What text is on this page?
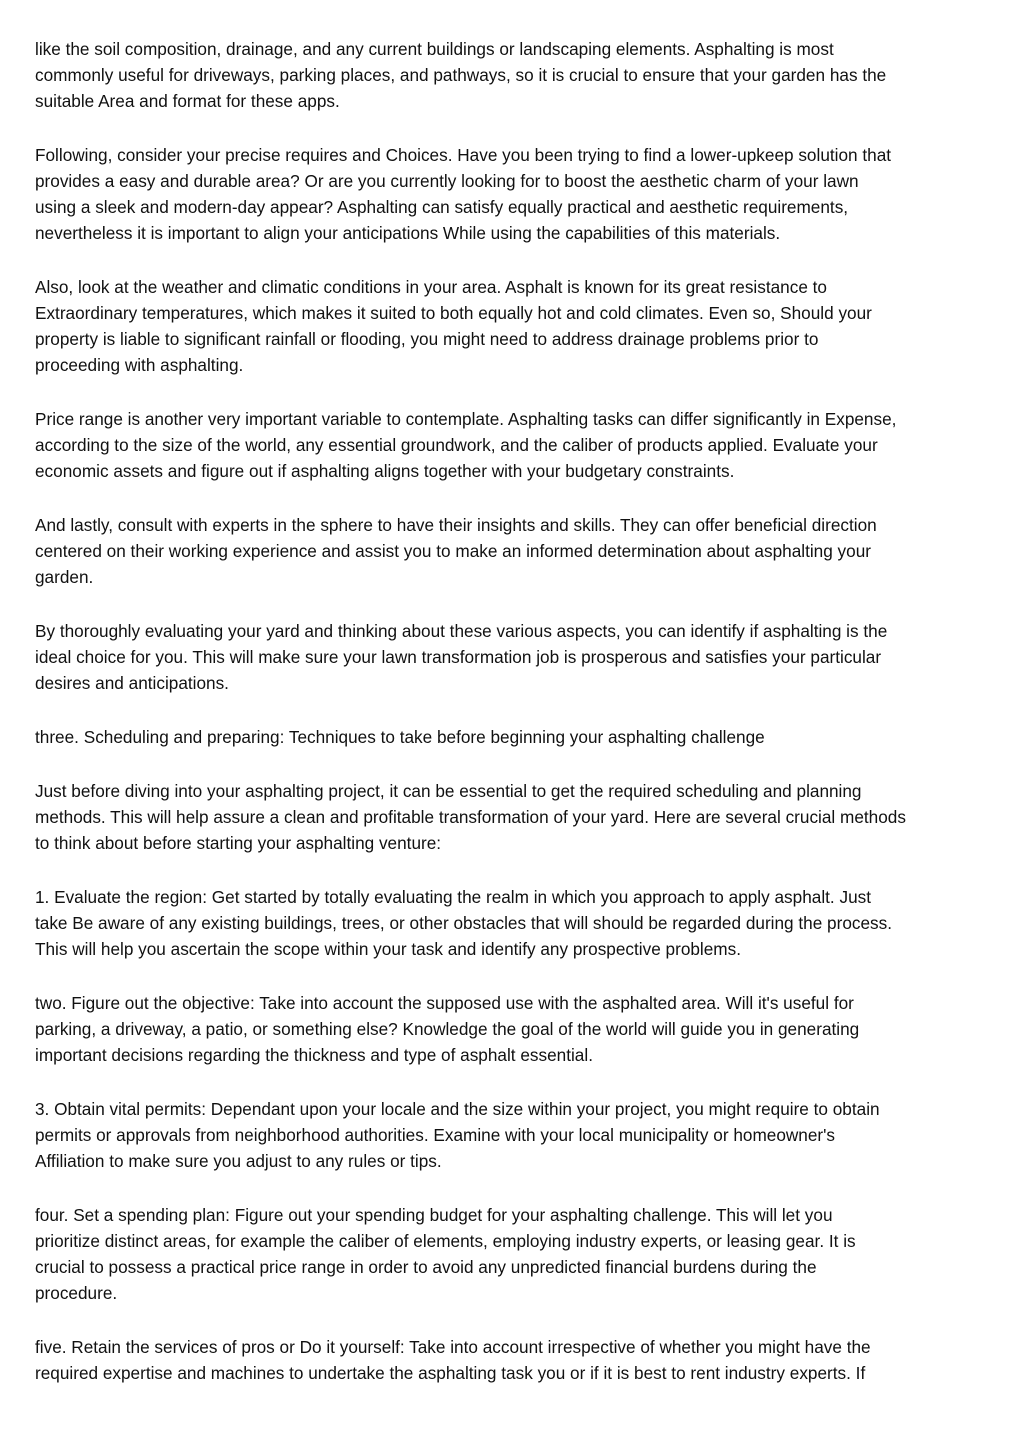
like the soil composition, drainage, and any current buildings or landscaping elements. Asphalting is most
commonly useful for driveways, parking places, and pathways, so it is crucial to ensure that your garden has the
suitable Area and format for these apps.

Following, consider your precise requires and Choices. Have you been trying to find a lower-upkeep solution that
provides a easy and durable area? Or are you currently looking for to boost the aesthetic charm of your lawn
using a sleek and modern-day appear? Asphalting can satisfy equally practical and aesthetic requirements,
nevertheless it is important to align your anticipations While using the capabilities of this materials.

Also, look at the weather and climatic conditions in your area. Asphalt is known for its great resistance to
Extraordinary temperatures, which makes it suited to both equally hot and cold climates. Even so, Should your
property is liable to significant rainfall or flooding, you might need to address drainage problems prior to
proceeding with asphalting.

Price range is another very important variable to contemplate. Asphalting tasks can differ significantly in Expense,
according to the size of the world, any essential groundwork, and the caliber of products applied. Evaluate your
economic assets and figure out if asphalting aligns together with your budgetary constraints.

And lastly, consult with experts in the sphere to have their insights and skills. They can offer beneficial direction
centered on their working experience and assist you to make an informed determination about asphalting your
garden.

By thoroughly evaluating your yard and thinking about these various aspects, you can identify if asphalting is the
ideal choice for you. This will make sure your lawn transformation job is prosperous and satisfies your particular
desires and anticipations.

three. Scheduling and preparing: Techniques to take before beginning your asphalting challenge

Just before diving into your asphalting project, it can be essential to get the required scheduling and planning
methods. This will help assure a clean and profitable transformation of your yard. Here are several crucial methods
to think about before starting your asphalting venture:

1. Evaluate the region: Get started by totally evaluating the realm in which you approach to apply asphalt. Just
take Be aware of any existing buildings, trees, or other obstacles that will should be regarded during the process.
This will help you ascertain the scope within your task and identify any prospective problems.

two. Figure out the objective: Take into account the supposed use with the asphalted area. Will it's useful for
parking, a driveway, a patio, or something else? Knowledge the goal of the world will guide you in generating
important decisions regarding the thickness and type of asphalt essential.

3. Obtain vital permits: Dependant upon your locale and the size within your project, you might require to obtain
permits or approvals from neighborhood authorities. Examine with your local municipality or homeowner's
Affiliation to make sure you adjust to any rules or tips.

four. Set a spending plan: Figure out your spending budget for your asphalting challenge. This will let you
prioritize distinct areas, for example the caliber of elements, employing industry experts, or leasing gear. It is
crucial to possess a practical price range in order to avoid any unpredicted financial burdens during the
procedure.

five. Retain the services of pros or Do it yourself: Take into account irrespective of whether you might have the
required expertise and machines to undertake the asphalting task you or if it is best to rent industry experts. If
